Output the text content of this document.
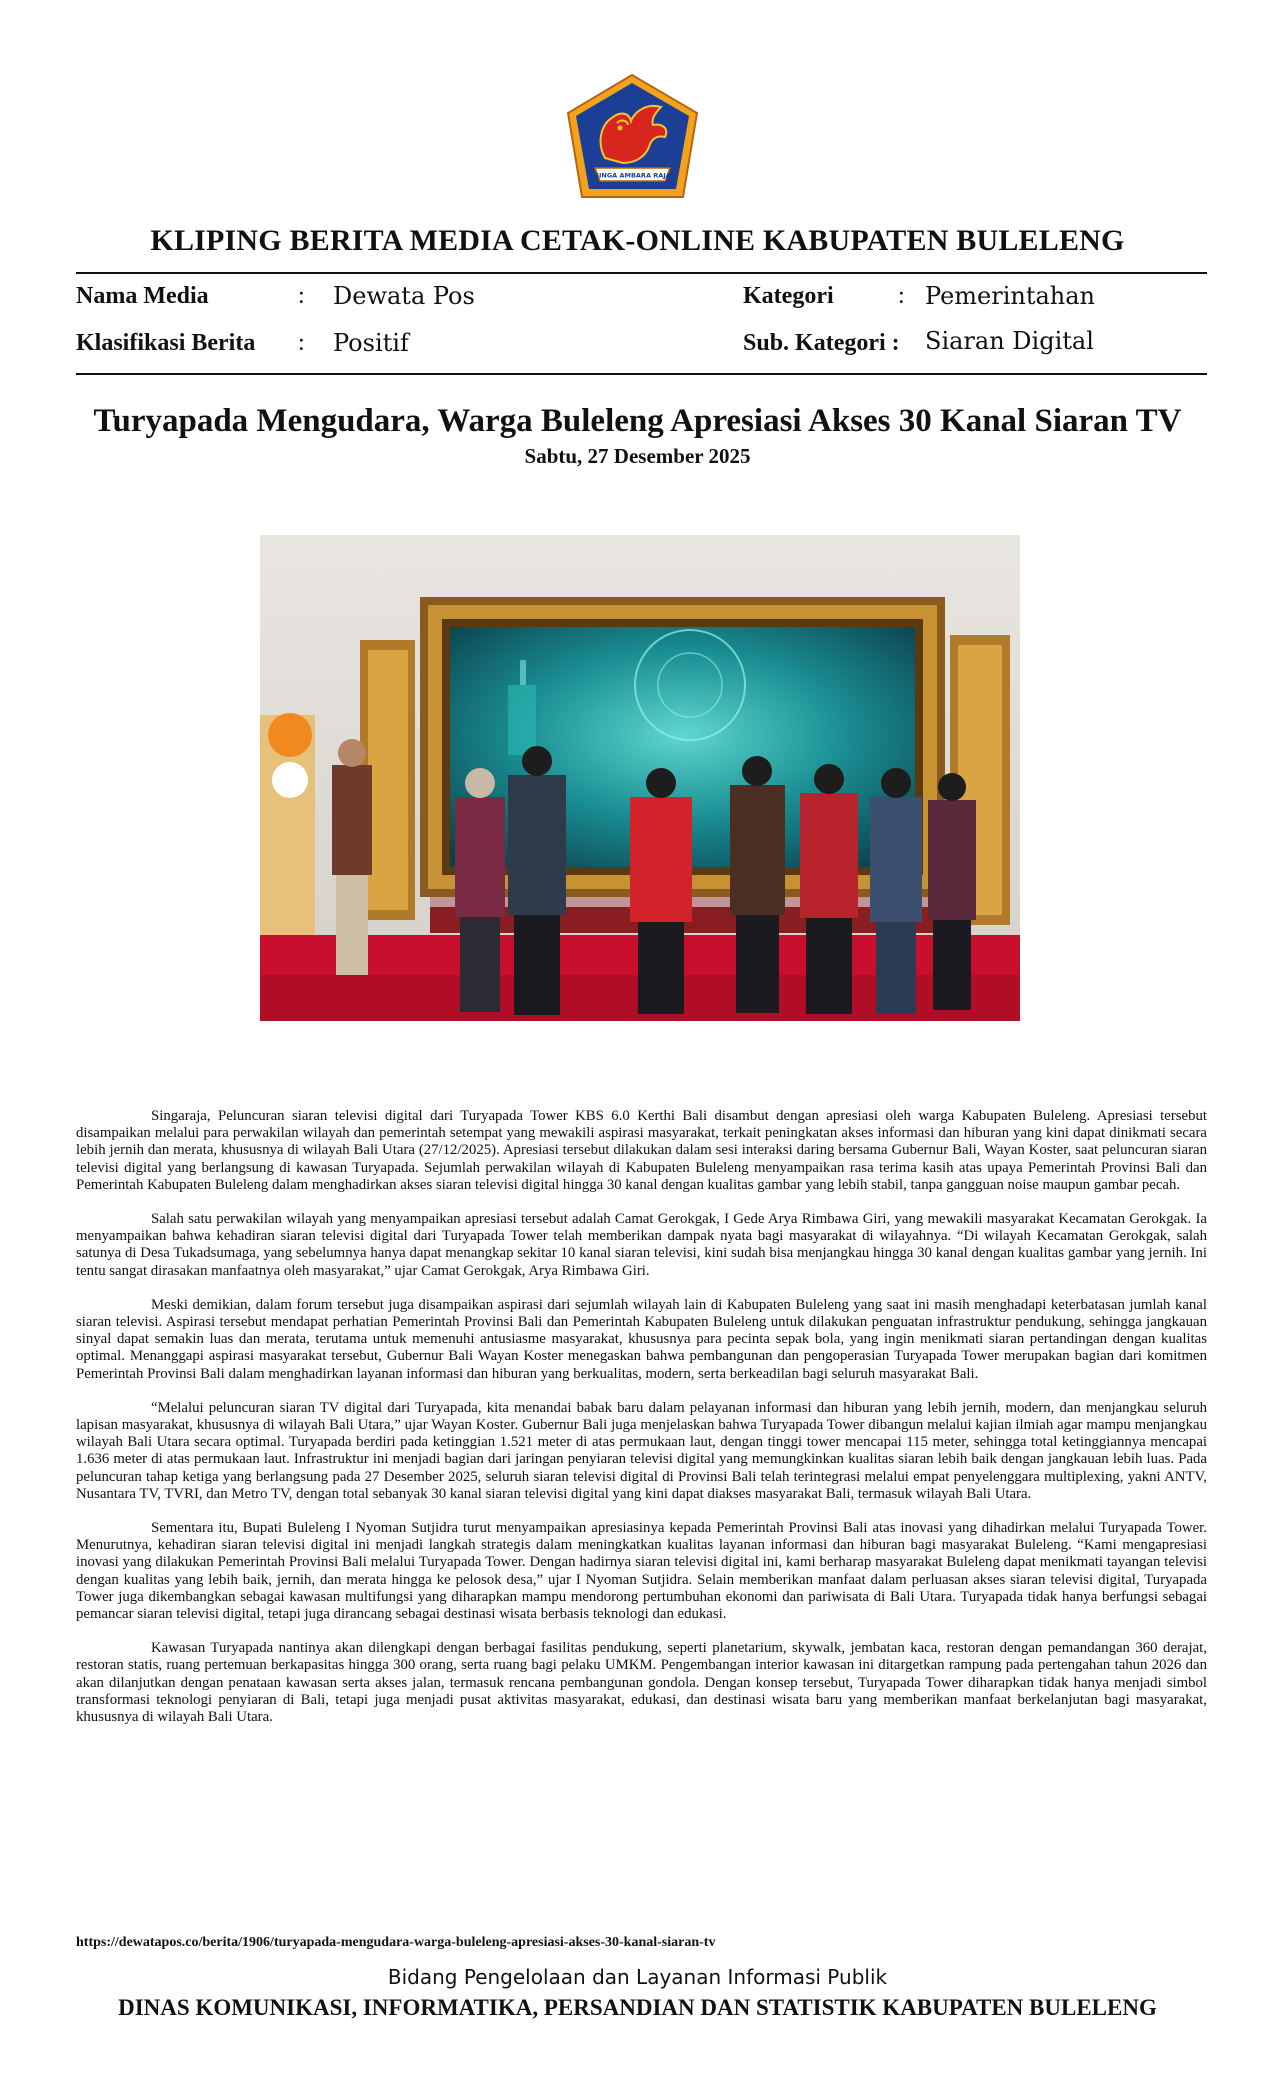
SINGA AMBARA RAJA
KLIPING BERITA MEDIA CETAK-ONLINE KABUPATEN BULELENG
Nama Media	: Dewata Pos
Klasifikasi Berita : Positif
Kategori	: Pemerintahan
Sub. Kategori : Siaran Digital
Turyapada Mengudara, Warga Buleleng Apresiasi Akses 30 Kanal Siaran TV
Sabtu, 27 Desember 2025

Singaraja, Peluncuran siaran televisi digital dari Turyapada Tower KBS 6.0 Kerthi Bali disambut dengan apresiasi oleh warga Kabupaten Buleleng. Apresiasi tersebut disampaikan melalui para perwakilan wilayah dan pemerintah setempat yang mewakili aspirasi masyarakat, terkait peningkatan akses informasi dan hiburan yang kini dapat dinikmati secara lebih jernih dan merata, khususnya di wilayah Bali Utara (27/12/2025). Apresiasi tersebut dilakukan dalam sesi interaksi daring bersama Gubernur Bali, Wayan Koster, saat peluncuran siaran televisi digital yang berlangsung di kawasan Turyapada. Sejumlah perwakilan wilayah di Kabupaten Buleleng menyampaikan rasa terima kasih atas upaya Pemerintah Provinsi Bali dan Pemerintah Kabupaten Buleleng dalam menghadirkan akses siaran televisi digital hingga 30 kanal dengan kualitas gambar yang lebih stabil, tanpa gangguan noise maupun gambar pecah.

Salah satu perwakilan wilayah yang menyampaikan apresiasi tersebut adalah Camat Gerokgak, I Gede Arya Rimbawa Giri, yang mewakili masyarakat Kecamatan Gerokgak. Ia menyampaikan bahwa kehadiran siaran televisi digital dari Turyapada Tower telah memberikan dampak nyata bagi masyarakat di wilayahnya. “Di wilayah Kecamatan Gerokgak, salah satunya di Desa Tukadsumaga, yang sebelumnya hanya dapat menangkap sekitar 10 kanal siaran televisi, kini sudah bisa menjangkau hingga 30 kanal dengan kualitas gambar yang jernih. Ini tentu sangat dirasakan manfaatnya oleh masyarakat,” ujar Camat Gerokgak, Arya Rimbawa Giri.

Meski demikian, dalam forum tersebut juga disampaikan aspirasi dari sejumlah wilayah lain di Kabupaten Buleleng yang saat ini masih menghadapi keterbatasan jumlah kanal siaran televisi. Aspirasi tersebut mendapat perhatian Pemerintah Provinsi Bali dan Pemerintah Kabupaten Buleleng untuk dilakukan penguatan infrastruktur pendukung, sehingga jangkauan sinyal dapat semakin luas dan merata, terutama untuk memenuhi antusiasme masyarakat, khususnya para pecinta sepak bola, yang ingin menikmati siaran pertandingan dengan kualitas optimal. Menanggapi aspirasi masyarakat tersebut, Gubernur Bali Wayan Koster menegaskan bahwa pembangunan dan pengoperasian Turyapada Tower merupakan bagian dari komitmen Pemerintah Provinsi Bali dalam menghadirkan layanan informasi dan hiburan yang berkualitas, modern, serta berkeadilan bagi seluruh masyarakat Bali.

“Melalui peluncuran siaran TV digital dari Turyapada, kita menandai babak baru dalam pelayanan informasi dan hiburan yang lebih jernih, modern, dan menjangkau seluruh lapisan masyarakat, khususnya di wilayah Bali Utara,” ujar Wayan Koster. Gubernur Bali juga menjelaskan bahwa Turyapada Tower dibangun melalui kajian ilmiah agar mampu menjangkau wilayah Bali Utara secara optimal. Turyapada berdiri pada ketinggian 1.521 meter di atas permukaan laut, dengan tinggi tower mencapai 115 meter, sehingga total ketinggiannya mencapai 1.636 meter di atas permukaan laut. Infrastruktur ini menjadi bagian dari jaringan penyiaran televisi digital yang memungkinkan kualitas siaran lebih baik dengan jangkauan lebih luas. Pada peluncuran tahap ketiga yang berlangsung pada 27 Desember 2025, seluruh siaran televisi digital di Provinsi Bali telah terintegrasi melalui empat penyelenggara multiplexing, yakni ANTV, Nusantara TV, TVRI, dan Metro TV, dengan total sebanyak 30 kanal siaran televisi digital yang kini dapat diakses masyarakat Bali, termasuk wilayah Bali Utara.

Sementara itu, Bupati Buleleng I Nyoman Sutjidra turut menyampaikan apresiasinya kepada Pemerintah Provinsi Bali atas inovasi yang dihadirkan melalui Turyapada Tower. Menurutnya, kehadiran siaran televisi digital ini menjadi langkah strategis dalam meningkatkan kualitas layanan informasi dan hiburan bagi masyarakat Buleleng. “Kami mengapresiasi inovasi yang dilakukan Pemerintah Provinsi Bali melalui Turyapada Tower. Dengan hadirnya siaran televisi digital ini, kami berharap masyarakat Buleleng dapat menikmati tayangan televisi dengan kualitas yang lebih baik, jernih, dan merata hingga ke pelosok desa,” ujar I Nyoman Sutjidra. Selain memberikan manfaat dalam perluasan akses siaran televisi digital, Turyapada Tower juga dikembangkan sebagai kawasan multifungsi yang diharapkan mampu mendorong pertumbuhan ekonomi dan pariwisata di Bali Utara. Turyapada tidak hanya berfungsi sebagai pemancar siaran televisi digital, tetapi juga dirancang sebagai destinasi wisata berbasis teknologi dan edukasi.

Kawasan Turyapada nantinya akan dilengkapi dengan berbagai fasilitas pendukung, seperti planetarium, skywalk, jembatan kaca, restoran dengan pemandangan 360 derajat, restoran statis, ruang pertemuan berkapasitas hingga 300 orang, serta ruang bagi pelaku UMKM. Pengembangan interior kawasan ini ditargetkan rampung pada pertengahan tahun 2026 dan akan dilanjutkan dengan penataan kawasan serta akses jalan, termasuk rencana pembangunan gondola. Dengan konsep tersebut, Turyapada Tower diharapkan tidak hanya menjadi simbol transformasi teknologi penyiaran di Bali, tetapi juga menjadi pusat aktivitas masyarakat, edukasi, dan destinasi wisata baru yang memberikan manfaat berkelanjutan bagi masyarakat, khususnya di wilayah Bali Utara.

https://dewatapos.co/berita/1906/turyapada-mengudara-warga-buleleng-apresiasi-akses-30-kanal-siaran-tv
Bidang Pengelolaan dan Layanan Informasi Publik
DINAS KOMUNIKASI, INFORMATIKA, PERSANDIAN DAN STATISTIK KABUPATEN BULELENG
